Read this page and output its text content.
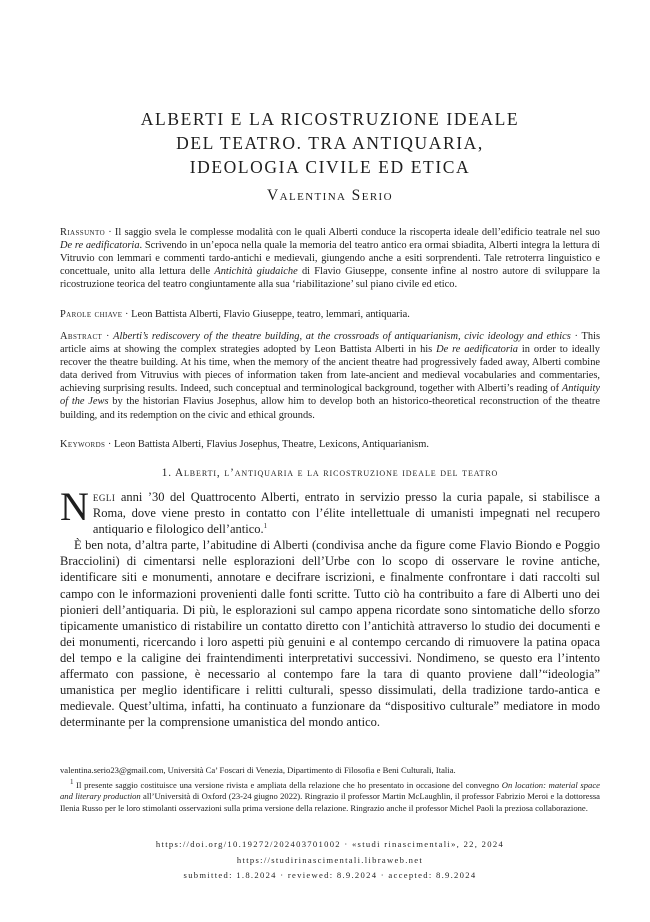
ALBERTI E LA RICOSTRUZIONE IDEALE
DEL TEATRO. TRA ANTIQUARIA,
IDEOLOGIA CIVILE ED ETICA
Valentina Serio
Riassunto · Il saggio svela le complesse modalità con le quali Alberti conduce la riscoperta ideale dell’edificio teatrale nel suo De re aedificatoria. Scrivendo in un’epoca nella quale la memoria del teatro antico era ormai sbiadita, Alberti integra la lettura di Vitruvio con lemmari e commenti tardo-antichi e medievali, giungendo anche a esiti sorprendenti. Tale retroterra linguistico e concettuale, unito alla lettura delle Antichità giudaiche di Flavio Giuseppe, consente infine al nostro autore di sviluppare la ricostruzione teorica del teatro congiuntamente alla sua ‘riabilitazione’ sul piano civile ed etico.
Parole chiave · Leon Battista Alberti, Flavio Giuseppe, teatro, lemmari, antiquaria.
Abstract · Alberti’s rediscovery of the theatre building, at the crossroads of antiquarianism, civic ideology and ethics · This article aims at showing the complex strategies adopted by Leon Battista Alberti in his De re aedificatoria in order to ideally recover the theatre building. At his time, when the memory of the ancient theatre had progressively faded away, Alberti combine data derived from Vitruvius with pieces of information taken from late-ancient and medieval vocabularies and commentaries, achieving surprising results. Indeed, such conceptual and terminological background, together with Alberti’s reading of Antiquity of the Jews by the historian Flavius Josephus, allow him to develop both an historico-theoretical reconstruction of the theatre building, and its redemption on the civic and ethical grounds.
Keywords · Leon Battista Alberti, Flavius Josephus, Theatre, Lexicons, Antiquarianism.
1. Alberti, l’antiquaria e la ricostruzione ideale del teatro

Negli anni ’30 del Quattrocento Alberti, entrato in servizio presso la curia papale, si stabilisce a Roma, dove viene presto in contatto con l’élite intellettuale di umanisti impegnati nel recupero antiquario e filologico dell’antico.$^1$

È ben nota, d’altra parte, l’abitudine di Alberti (condivisa anche da figure come Flavio Biondo e Poggio Bracciolini) di cimentarsi nelle esplorazioni dell’Urbe con lo scopo di osservare le rovine antiche, identificare siti e monumenti, annotare e decifrare iscrizioni, e finalmente confrontare i dati raccolti sul campo con le informazioni provenienti dalle fonti scritte. Tutto ciò ha contribuito a fare di Alberti uno dei pionieri dell’antiquaria. Di più, le esplorazioni sul campo appena ricordate sono sintomatiche dello sforzo tipicamente umanistico di ristabilire un contatto diretto con l’antichità attraverso lo studio dei documenti e dei monumenti, ricercando i loro aspetti più genuini e al contempo cercando di rimuovere la patina opaca del tempo e la caligine dei fraintendimenti interpretativi successivi. Nondimeno, se questo era l’intento affermato con passione, è necessario al contempo fare la tara di quanto proviene dall’“ideologia” umanistica per meglio identificare i relitti culturali, spesso dissimulati, della tradizione tardo-antica e medievale. Quest’ultima, infatti, ha continuato a funzionare da “dispositivo culturale” mediatore in modo determinante per la comprensione umanistica del mondo antico.

valentina.serio23@gmail.com, Università Ca’ Foscari di Venezia, Dipartimento di Filosofia e Beni Culturali, Italia.
$^1$ Il presente saggio costituisce una versione rivista e ampliata della relazione che ho presentato in occasione del convegno On location: material space and literary production all’Università di Oxford (23-24 giugno 2022). Ringrazio il professor Martin McLaughlin, il professor Fabrizio Meroi e la dottoressa Ilenia Russo per le loro stimolanti osservazioni sulla prima versione della relazione. Ringrazio anche il professor Michel Paoli la preziosa collaborazione.
https://doi.org/10.19272/202403701002 · «studi rinascimentali», 22, 2024
https://studirinascimentali.libraweb.net
submitted: 1.8.2024 · reviewed: 8.9.2024 · accepted: 8.9.2024
